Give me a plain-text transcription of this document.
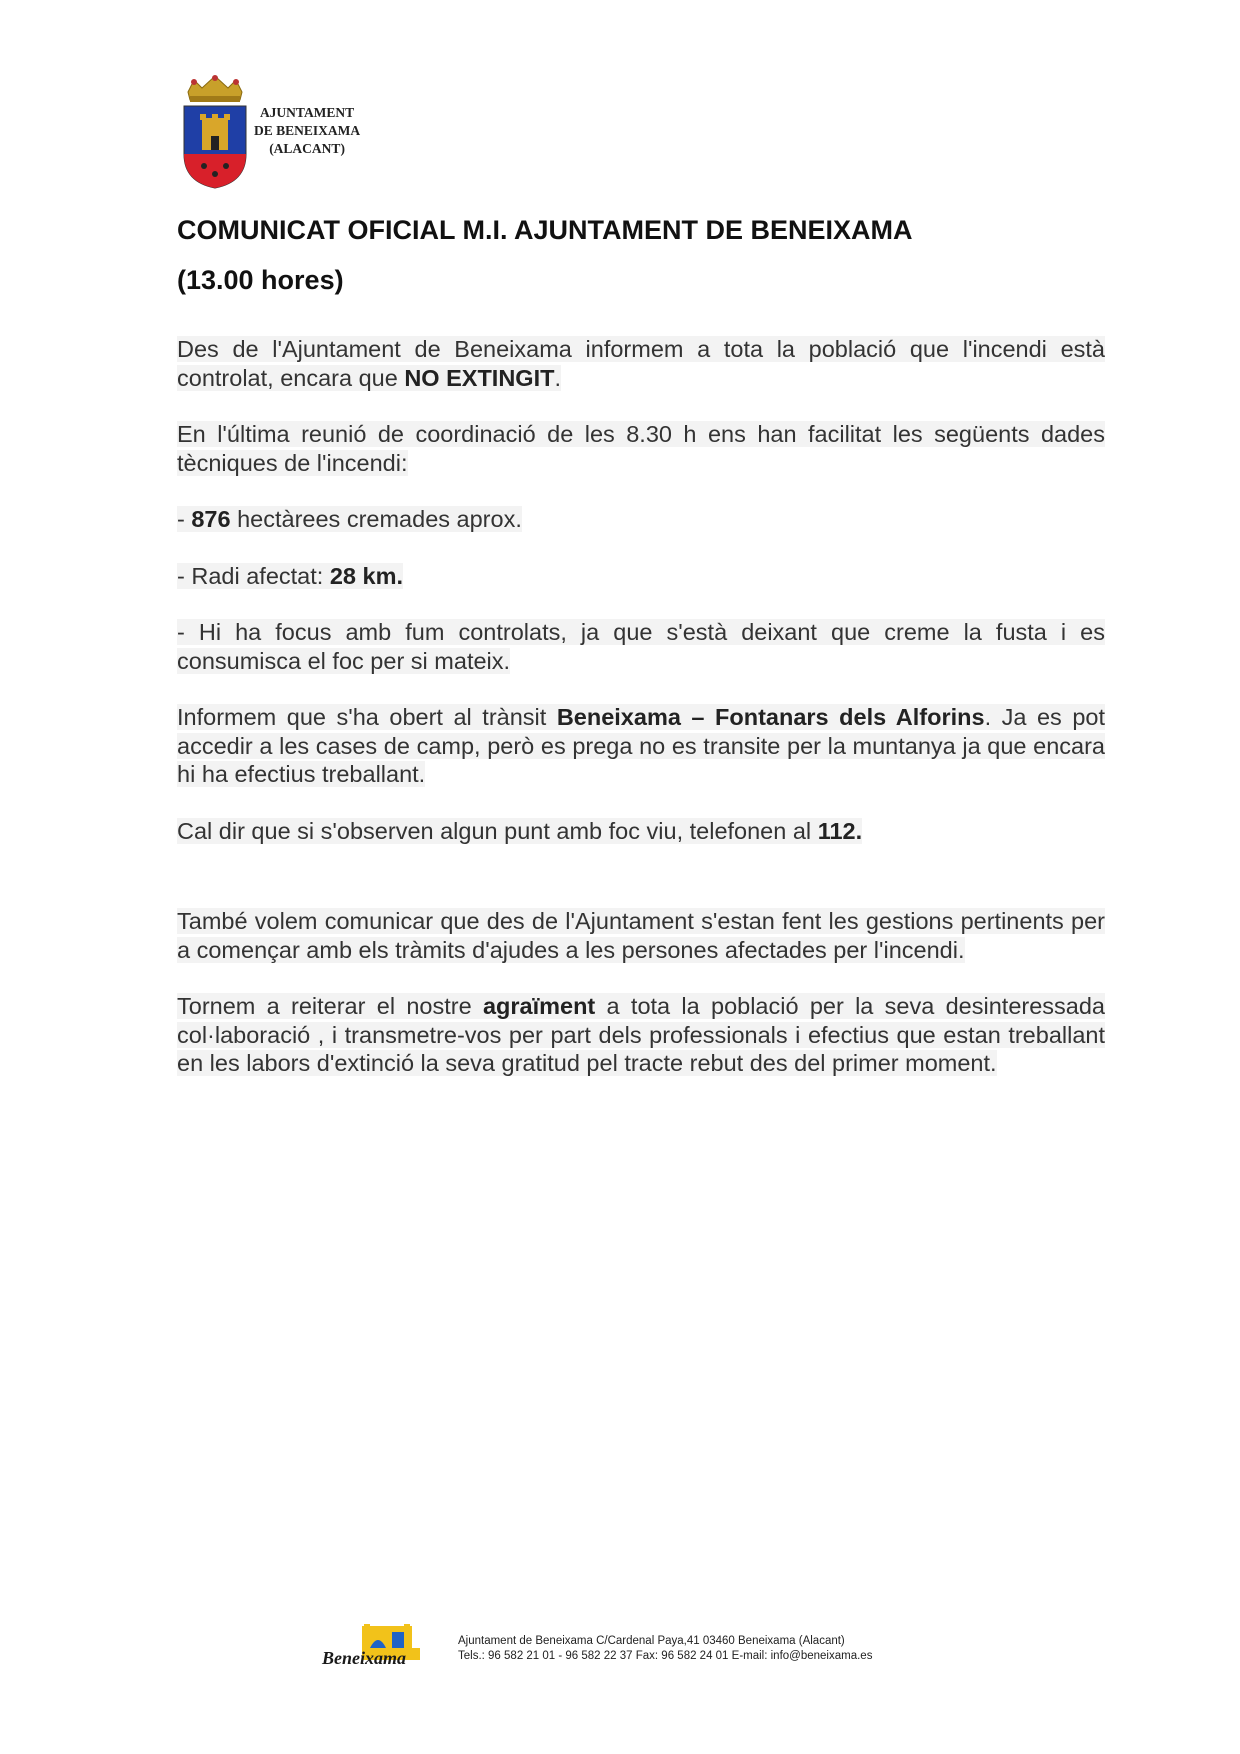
AJUNTAMENT
DE BENEIXAMA
(ALACANT)
COMUNICAT OFICIAL M.I. AJUNTAMENT DE BENEIXAMA
(13.00 hores)

Des de l'Ajuntament de Beneixama informem a tota la població que l'incendi està controlat, encara que NO EXTINGIT.

En l'última reunió de coordinació de les 8.30 h ens han facilitat les següents dades tècniques de l'incendi:

- 876 hectàrees cremades aprox.

- Radi afectat: 28 km.

- Hi ha focus amb fum controlats, ja que s'està deixant que creme la fusta i es consumisca el foc per si mateix.

Informem que s'ha obert al trànsit Beneixama – Fontanars dels Alforins. Ja es pot accedir a les cases de camp, però es prega no es transite per la muntanya ja que encara hi ha efectius treballant.

Cal dir que si s'observen algun punt amb foc viu, telefonen al 112.

També volem comunicar que des de l'Ajuntament s'estan fent les gestions pertinents per a començar amb els tràmits d'ajudes a les persones afectades per l'incendi.

Tornem a reiterar el nostre agraïment a tota la població per la seva desinteressada col·laboració , i transmetre-vos per part dels professionals i efectius que estan treballant en les labors d'extinció la seva gratitud pel tracte rebut des del primer moment.

Beneixama
Ajuntament de Beneixama C/Cardenal Paya,41 03460 Beneixama (Alacant)
Tels.: 96 582 21 01 - 96 582 22 37 Fax: 96 582 24 01 E-mail: info@beneixama.es
